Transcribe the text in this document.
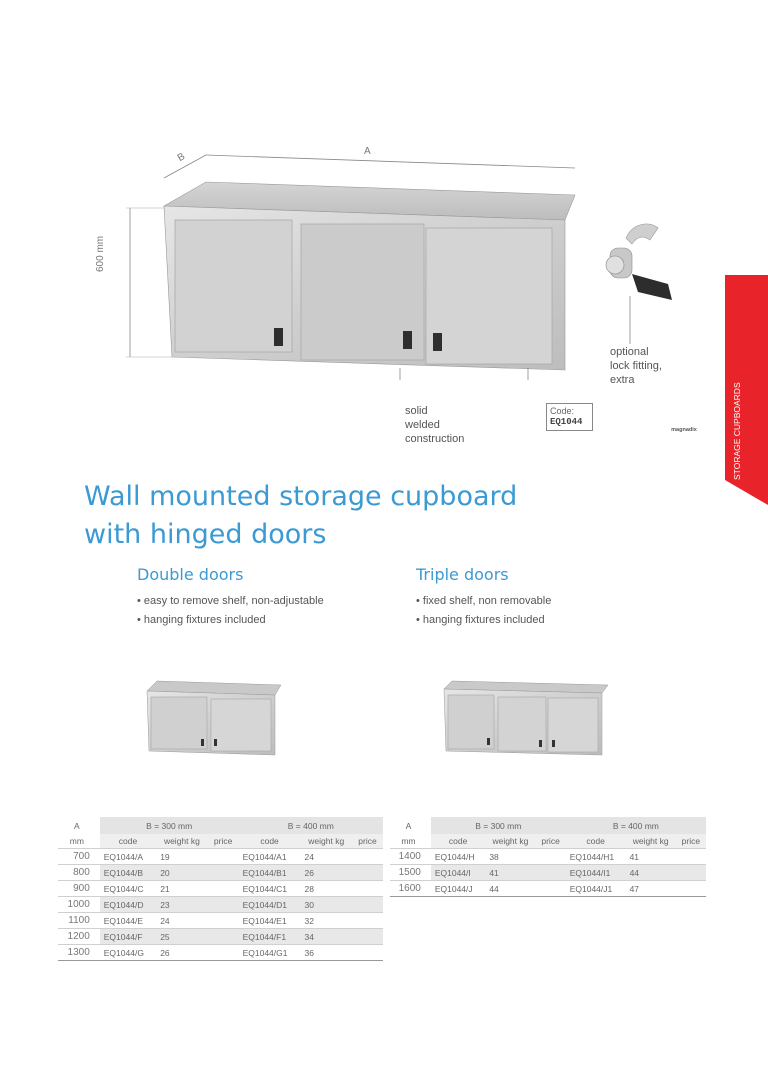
STORAGE CUPBOARDS
A
B
600 mm
optional
lock fitting,
extra
solid
welded
construction
Code:
EQ1044
magnadix
Wall mounted storage cupboard
with hinged doors
Double doors
• easy to remove shelf, non-adjustable
• hanging fixtures included
Triple doors
• fixed shelf, non removable
• hanging fixtures included
A		B = 300 mm			B = 400 mm		
mm		code	weight kg	price	code	weight kg	price
700		EQ1044/A	19		EQ1044/A1	24	
800		EQ1044/B	20		EQ1044/B1	26	
900		EQ1044/C	21		EQ1044/C1	28	
1000		EQ1044/D	23		EQ1044/D1	30	
1100		EQ1044/E	24		EQ1044/E1	32	
1200		EQ1044/F	25		EQ1044/F1	34	
1300		EQ1044/G	26		EQ1044/G1	36	
A		B = 300 mm			B = 400 mm		
mm		code	weight kg	price	code	weight kg	price
1400		EQ1044/H	38		EQ1044/H1	41	
1500		EQ1044/I	41		EQ1044/I1	44	
1600		EQ1044/J	44		EQ1044/J1	47	
